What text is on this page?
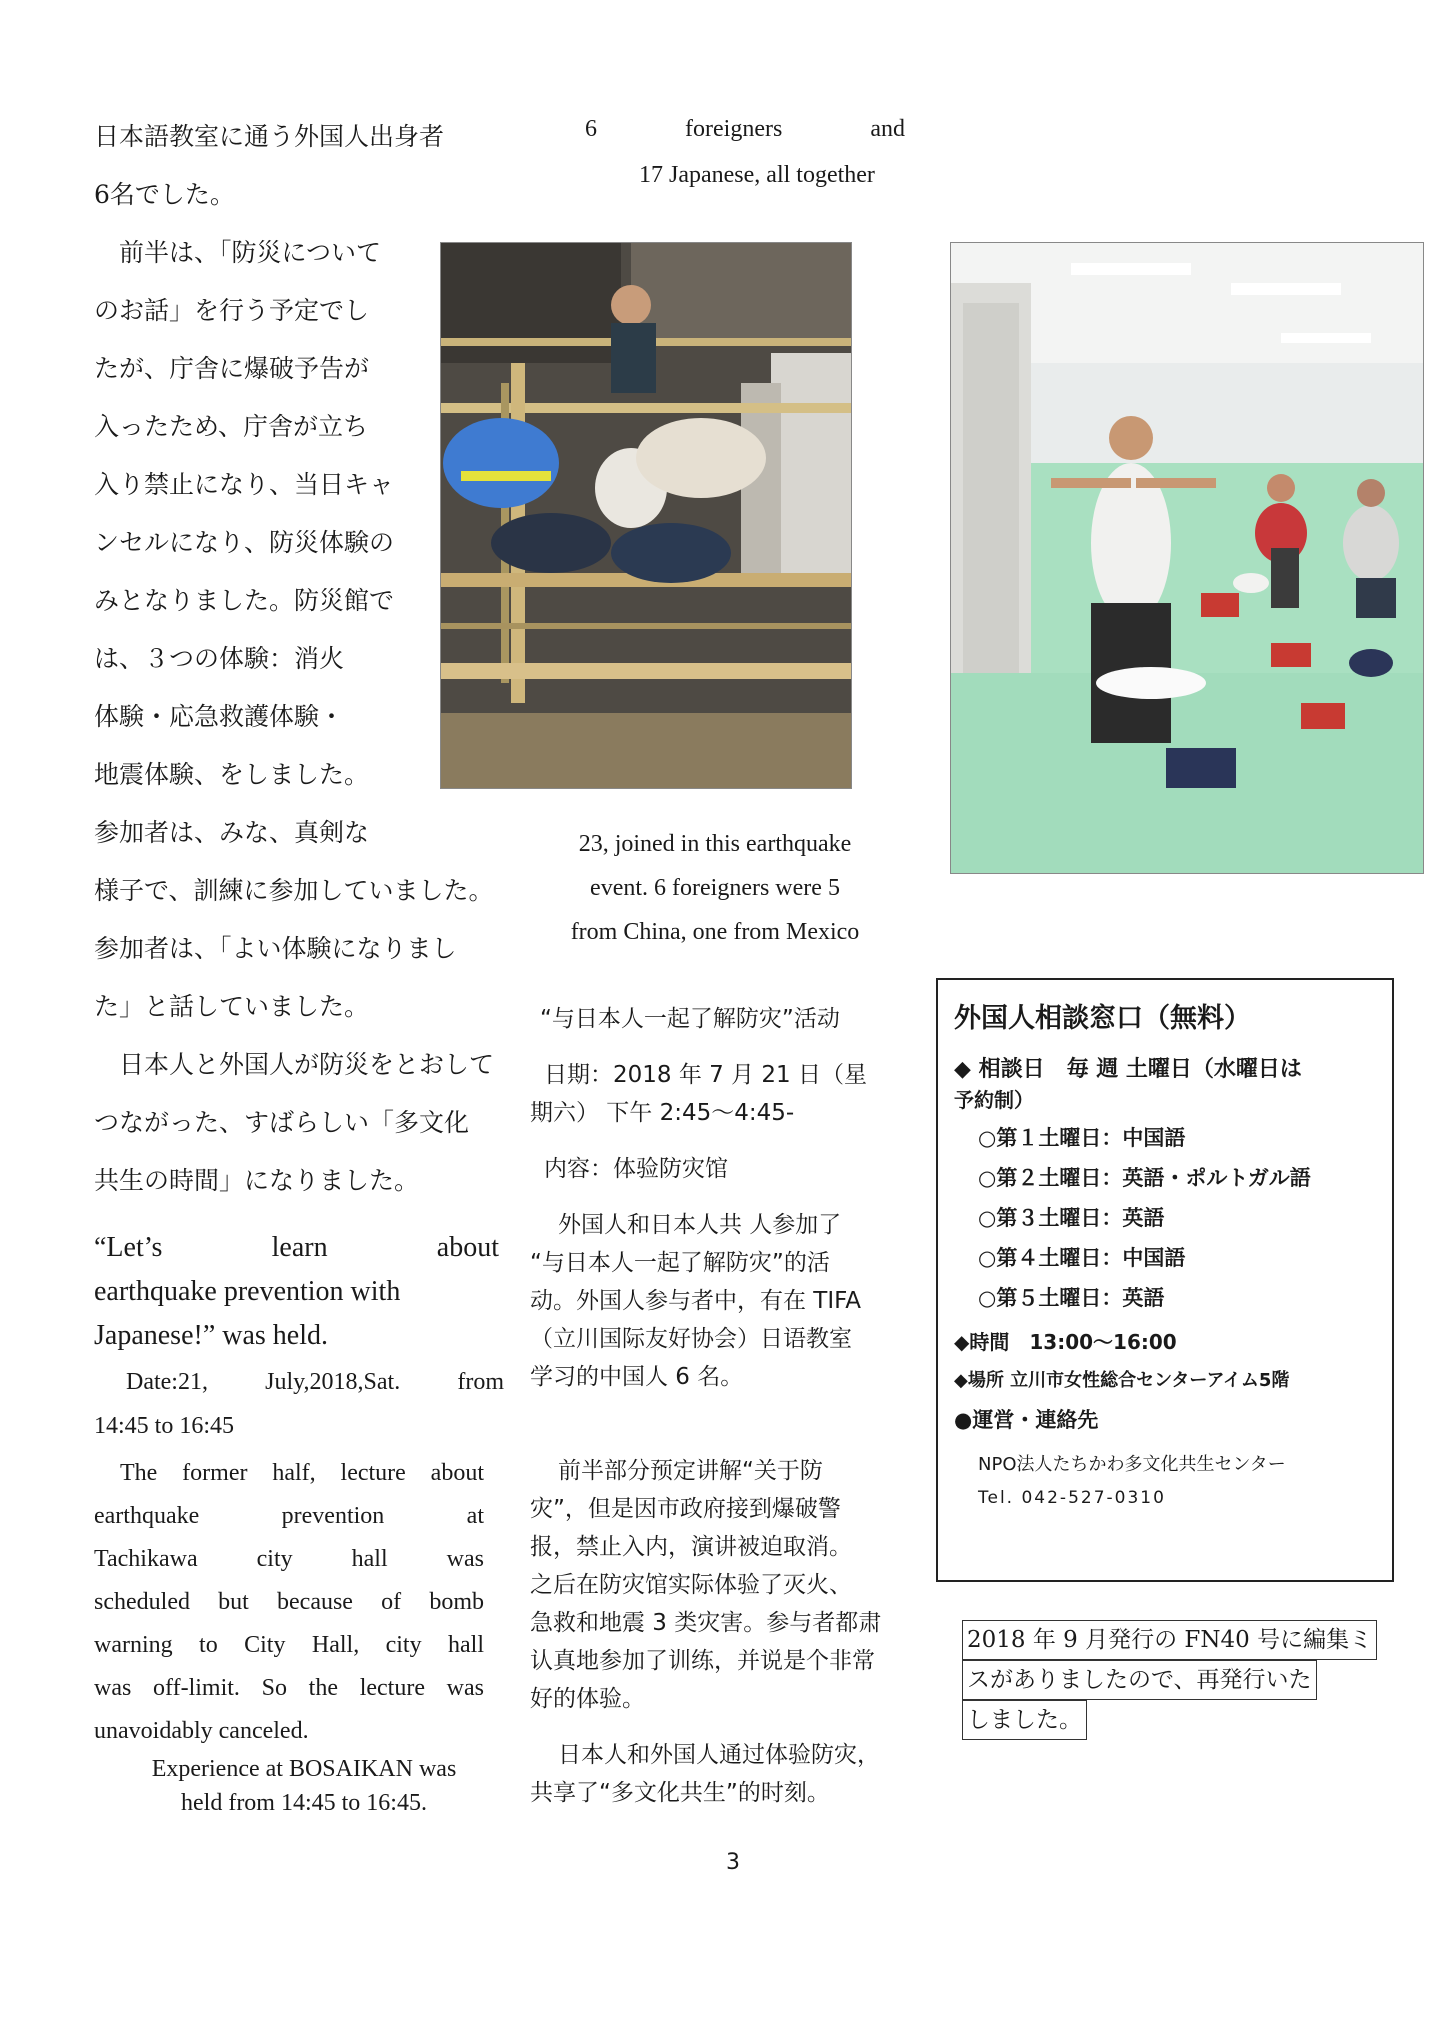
日本語教室に通う外国人出身者

6名でした。

　前半は、「防災について

のお話」を行う予定でし

たが、庁舎に爆破予告が

入ったため、庁舎が立ち

入り禁止になり、当日キャ

ンセルになり、防災体験の

みとなりました。防災館で

は、３つの体験：消火

体験・応急救護体験・

地震体験、をしました。

参加者は、みな、真剣な

様子で、訓練に参加していました。

参加者は、「よい体験になりまし

た」と話していました。

　日本人と外国人が防災をとおして

つながった、すばらしい「多文化

共生の時間」になりました。

“Let’s learn about
earthquake prevention with
Japanese!” was held.
Date:21, July,2018,Sat. from
14:45 to 16:45
The former half, lecture about
earthquake prevention at
Tachikawa city hall was
scheduled but because of bomb
warning to City Hall, city hall
was off-limit. So the lecture was
unavoidably canceled.
Experience at BOSAIKAN was
held from 14:45 to 16:45.
6 foreigners and
17 Japanese, all together
23, joined in this earthquake
event. 6 foreigners were 5
from China, one from Mexico
“与日本人一起了解防灾”活动
日期：2018 年 7 月 21 日（星
期六） 下午 2:45～4:45-
内容：体验防灾馆
外国人和日本人共 人参加了
“与日本人一起了解防灾”的活
动。外国人参与者中，有在 TIFA
（立川国际友好协会）日语教室
学习的中国人 6 名。
前半部分预定讲解“关于防
灾”，但是因市政府接到爆破警
报，禁止入内，演讲被迫取消。
之后在防灾馆实际体验了灭火、
急救和地震 3 类灾害。参与者都肃
认真地参加了训练，并说是个非常
好的体验。
日本人和外国人通过体验防灾，
共享了“多文化共生”的时刻。
外国人相談窓口（無料）
◆ 相談日　毎 週 土曜日（水曜日は
予約制）
○第１土曜日：中国語
○第２土曜日：英語・ポルトガル語
○第３土曜日：英語
○第４土曜日：中国語
○第５土曜日：英語
◆時間　13:00〜16:00
◆場所 立川市女性総合センターアイム5階
●運営・連絡先
NPO法人たちかわ多文化共生センター
Tel. 042-527-0310
2018 年 9 月発行の FN40 号に編集ミ
スがありましたので、再発行いた
しました。
3
